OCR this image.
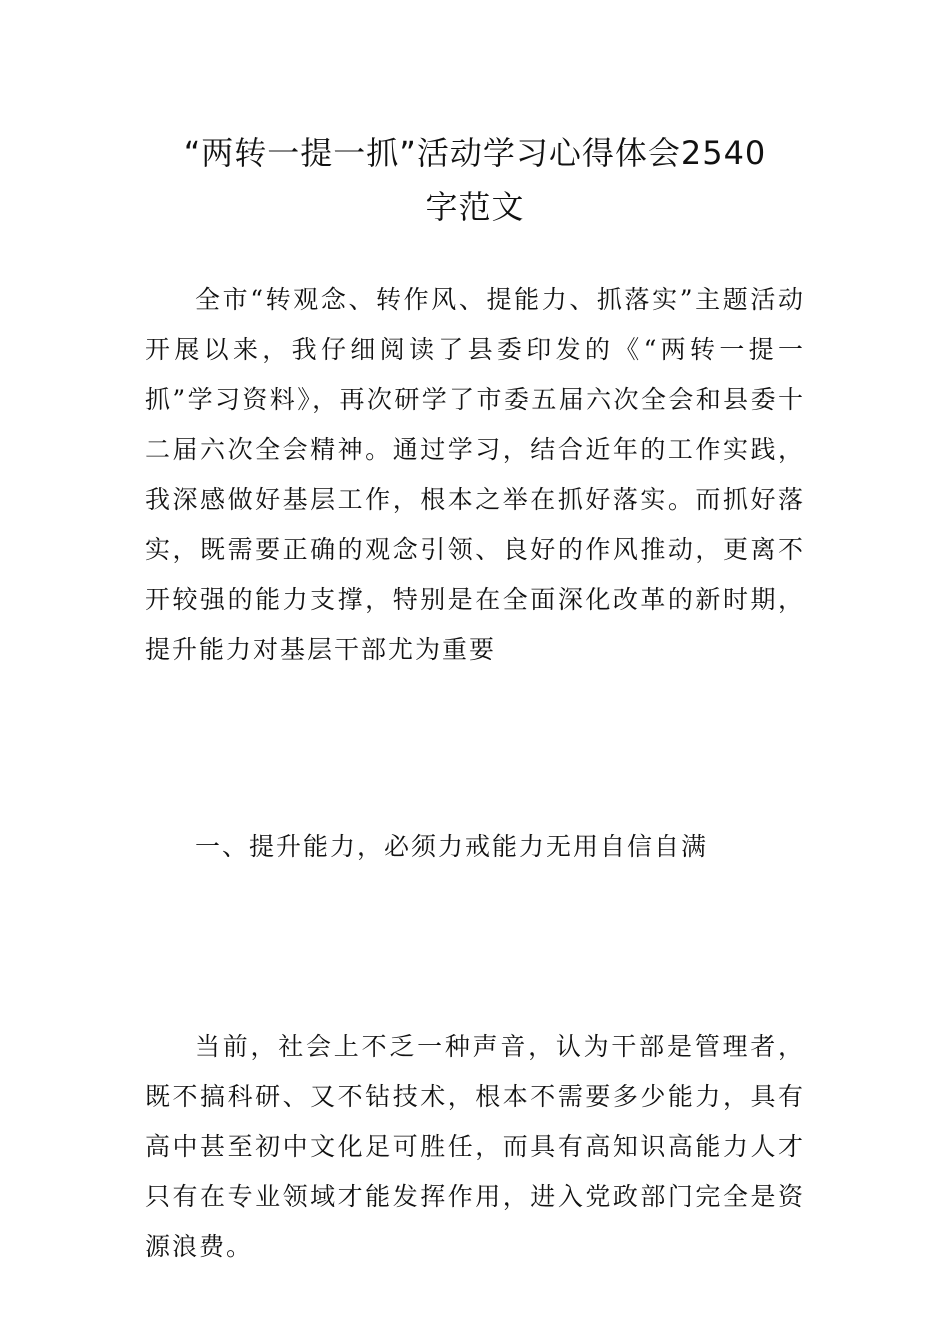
“两转一提一抓”活动学习心得体会2540
字范文

全市“转观念、转作风、提能力、抓落实”主题活动开展以来，我仔细阅读了县委印发的《“两转一提一抓”学习资料》，再次研学了市委五届六次全会和县委十二届六次全会精神。通过学习，结合近年的工作实践，我深感做好基层工作，根本之举在抓好落实。而抓好落实，既需要正确的观念引领、良好的作风推动，更离不开较强的能力支撑，特别是在全面深化改革的新时期，提升能力对基层干部尤为重要

一、提升能力，必须力戒能力无用自信自满

当前，社会上不乏一种声音，认为干部是管理者，既不搞科研、又不钻技术，根本不需要多少能力，具有高中甚至初中文化足可胜任，而具有高知识高能力人才只有在专业领域才能发挥作用，进入党政部门完全是资源浪费。
